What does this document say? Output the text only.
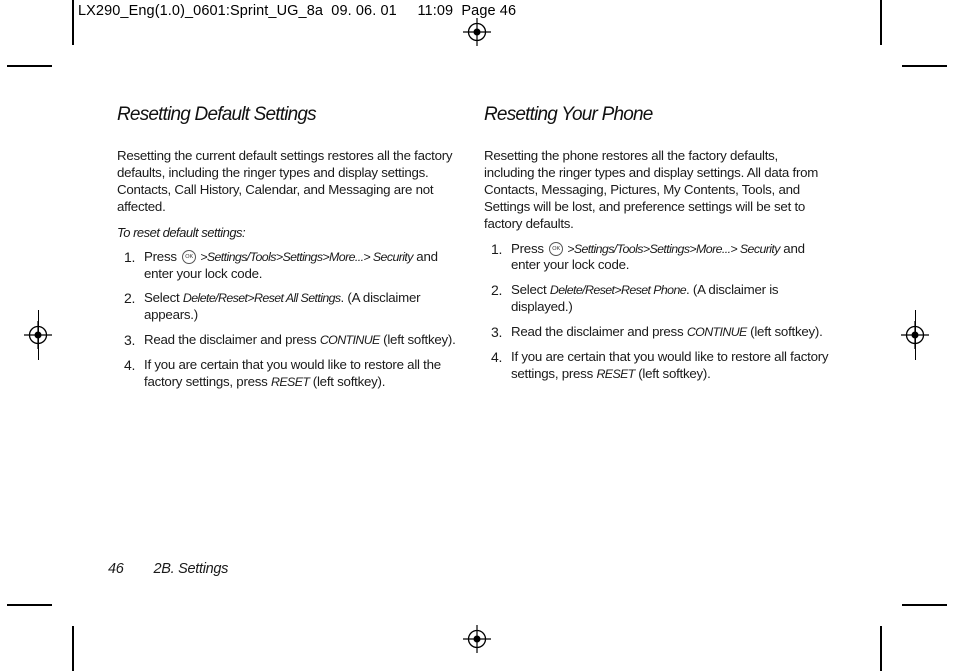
LX290_Eng(1.0)_0601:Sprint_UG_8a  09. 06. 01     11:09  Page 46
Resetting Default Settings

Resetting the current default settings restores all the factory defaults, including the ringer types and display settings. Contacts, Call History, Calendar, and Messaging are not affected.

To reset default settings:

1. Press OK >Settings/Tools>Settings>More...> Security and enter your lock code.
2. Select Delete/Reset>Reset All Settings. (A disclaimer appears.)
3. Read the disclaimer and press CONTINUE (left softkey).
4. If you are certain that you would like to restore all the factory settings, press RESET (left softkey).
Resetting Your Phone

Resetting the phone restores all the factory defaults, including the ringer types and display settings. All data from Contacts, Messaging, Pictures, My Contents, Tools, and Settings will be lost, and preference settings will be set to factory defaults.

1. Press OK >Settings/Tools>Settings>More...> Security and enter your lock code.
2. Select Delete/Reset>Reset Phone. (A disclaimer is displayed.)
3. Read the disclaimer and press CONTINUE (left softkey).
4. If you are certain that you would like to restore all factory settings, press RESET (left softkey).
46 2B. Settings
